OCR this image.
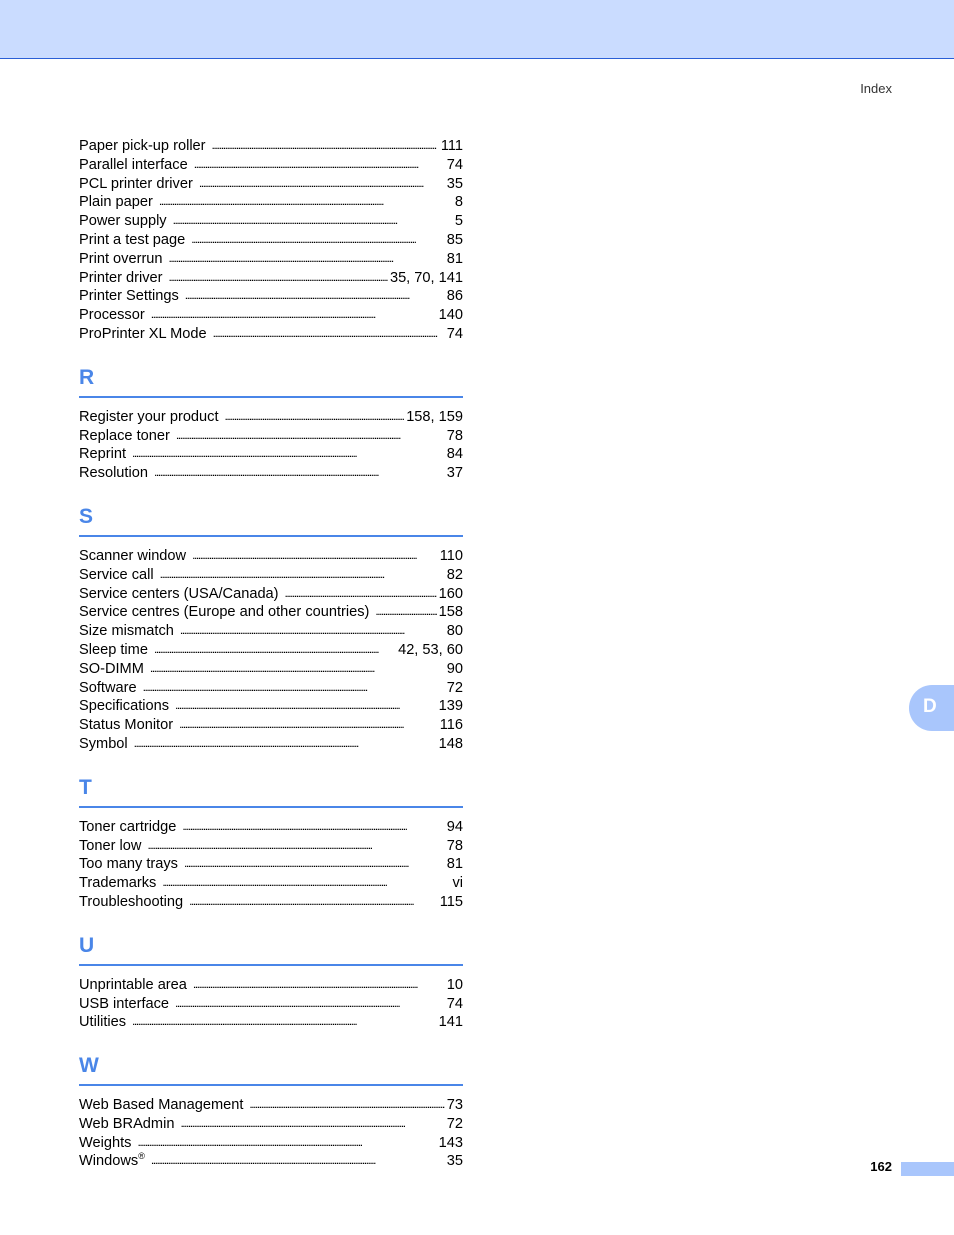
Index
Paper pick-up roller . . .	111
Parallel interface . . .	74
PCL printer driver . . .	35
Plain paper . . .	8
Power supply . . .	5
Print a test page . . .	85
Print overrun . . .	81
Printer driver . . .	35, 70, 141
Printer Settings . . .	86
Processor . . .	140
ProPrinter XL Mode . . .	74
R
Register your product . . .	158, 159
Replace toner . . .	78
Reprint . . .	84
Resolution . . .	37
S
Scanner window . . .	110
Service call . . .	82
Service centers (USA/Canada) . . .	160
Service centres (Europe and other countries) . . .	158
Size mismatch . . .	80
Sleep time . . .	42, 53, 60
SO-DIMM . . .	90
Software . . .	72
Specifications . . .	139
Status Monitor . . .	116
Symbol . . .	148
T
Toner cartridge . . .	94
Toner low . . .	78
Too many trays . . .	81
Trademarks . . .	vi
Troubleshooting . . .	115
U
Unprintable area . . .	10
USB interface . . .	74
Utilities . . .	141
W
Web Based Management . . .	73
Web BRAdmin . . .	72
Weights . . .	143
Windows® . . .	35
D
162
